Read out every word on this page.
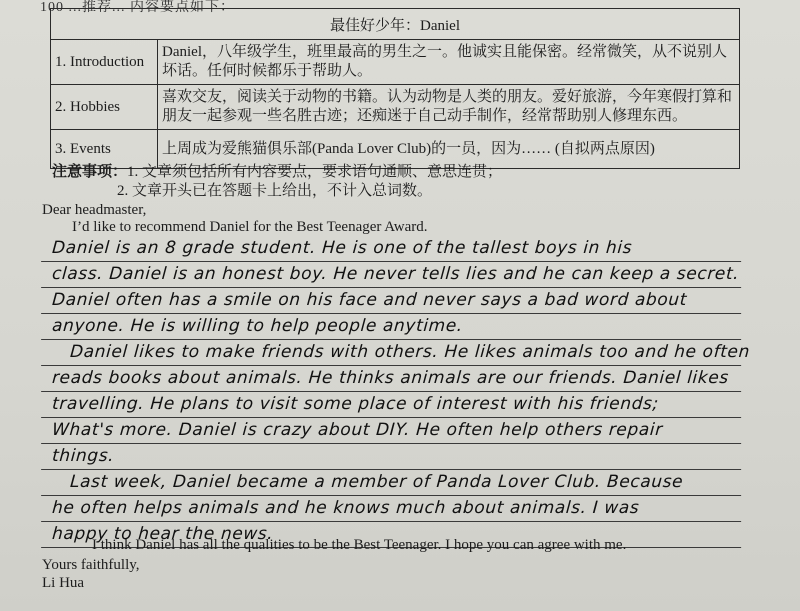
100 ...推荐... 内容要点如下：
最佳好少年：Daniel	
1. Introduction	Daniel，八年级学生，班里最高的男生之一。他诚实且能保密。经常微笑，从不说别人坏话。任何时候都乐于帮助人。
2. Hobbies	喜欢交友，阅读关于动物的书籍。认为动物是人类的朋友。爱好旅游，今年寒假打算和朋友一起参观一些名胜古迹；还痴迷于自己动手制作，经常帮助别人修理东西。
3. Events	上周成为爱熊猫俱乐部(Panda Lover Club)的一员，因为…… (自拟两点原因)
注意事项：1. 文章须包括所有内容要点，要求语句通顺、意思连贯；
2. 文章开头已在答题卡上给出，不计入总词数。
Dear headmaster,
I’d like to recommend Daniel for the Best Teenager Award.
Daniel is an 8 grade student. He is one of the tallest boys in his
class. Daniel is an honest boy. He never tells lies and he can keep a secret.
Daniel often has a smile on his face and never says a bad word about
anyone. He is willing to help people anytime.
Daniel likes to make friends with others. He likes animals too and he often
reads books about animals. He thinks animals are our friends. Daniel likes
travelling. He plans to visit some place of interest with his friends;
What's more. Daniel is crazy about DIY. He often help others repair
things.
Last week, Daniel became a member of Panda Lover Club. Because
he often helps animals and he knows much about animals. I was
happy to hear the news.
I think Daniel has all the qualities to be the Best Teenager. I hope you can agree with me.
Yours faithfully,
Li Hua
